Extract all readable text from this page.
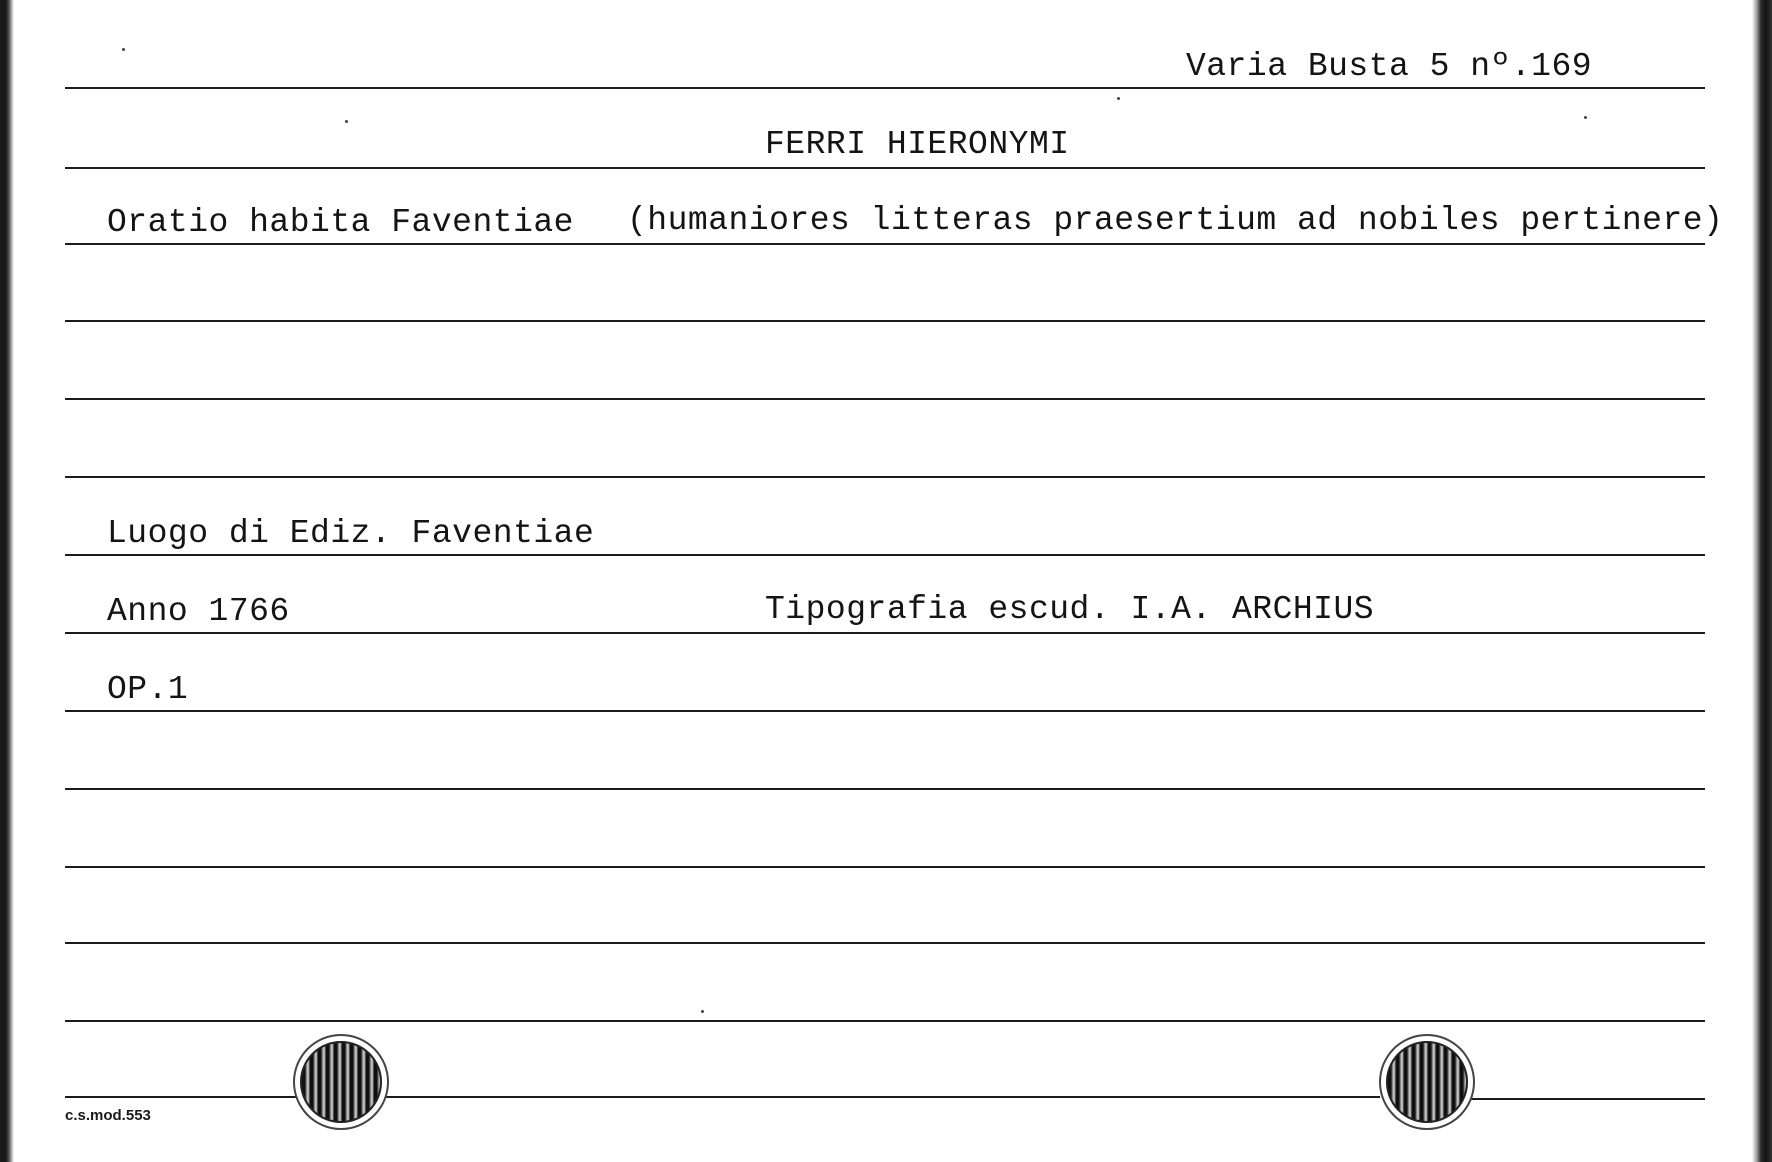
Varia Busta 5 nº.169
FERRI HIERONYMI
Oratio habita Faventiae (humaniores litteras praesertium ad nobiles pertinere)
Luogo di Ediz. Faventiae
Anno 1766	Tipografia escud. I.A. ARCHIUS
OP.1
c.s.mod.553
